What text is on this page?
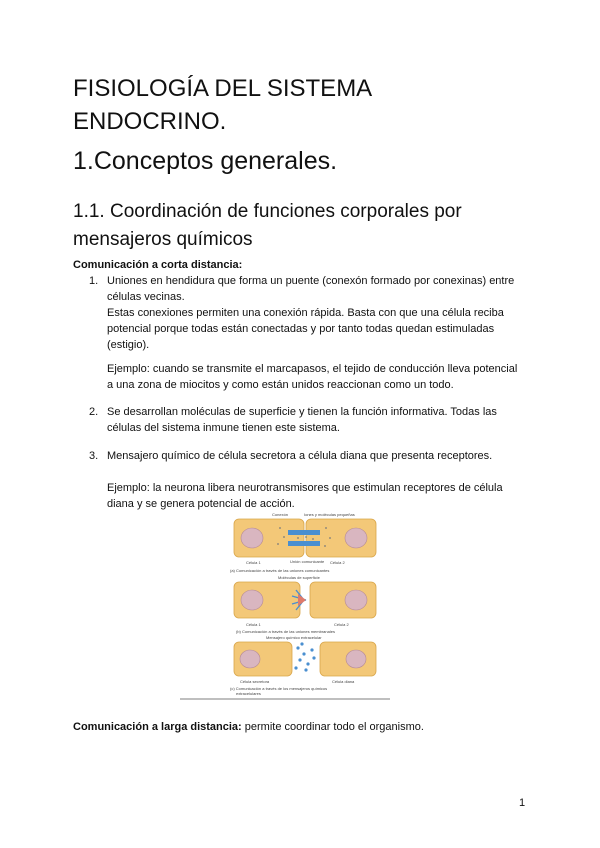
FISIOLOGÍA DEL SISTEMA
ENDOCRINO.
1.Conceptos generales.
1.1. Coordinación de funciones corporales por
mensajeros químicos
Comunicación a corta distancia:
1. Uniones en hendidura que forma un puente (conexón formado por conexinas) entre
células vecinas.
Estas conexiones permiten una conexión rápida. Basta con que una célula reciba
potencial porque todas están conectadas y por tanto todas quedan estimuladas
(estigio).
Ejemplo: cuando se transmite el marcapasos, el tejido de conducción lleva potencial
a una zona de miocitos y como están unidos reaccionan como un todo.
2. Se desarrollan moléculas de superficie y tienen la función informativa. Todas las
células del sistema inmune tienen este sistema.
3. Mensajero químico de célula secretora a célula diana que presenta receptores.
Ejemplo: la neurona libera neurotransmisores que estimulan receptores de célula
diana y se genera potencial de acción.
Conexón	Iones y moléculas pequeñas
Célula 1	Unión comunicante Célula 2
(a) Comunicación a través de las uniones comunicantes
Moléculas de superficie
Célula 1	Célula 2
(b) Comunicación a través de las uniones membranales
Mensajero químico extracelular
Célula secretora	Célula diana
(c) Comunicación a través de los mensajeros químicos
extracelulares
Comunicación a larga distancia: permite coordinar todo el organismo.
1
